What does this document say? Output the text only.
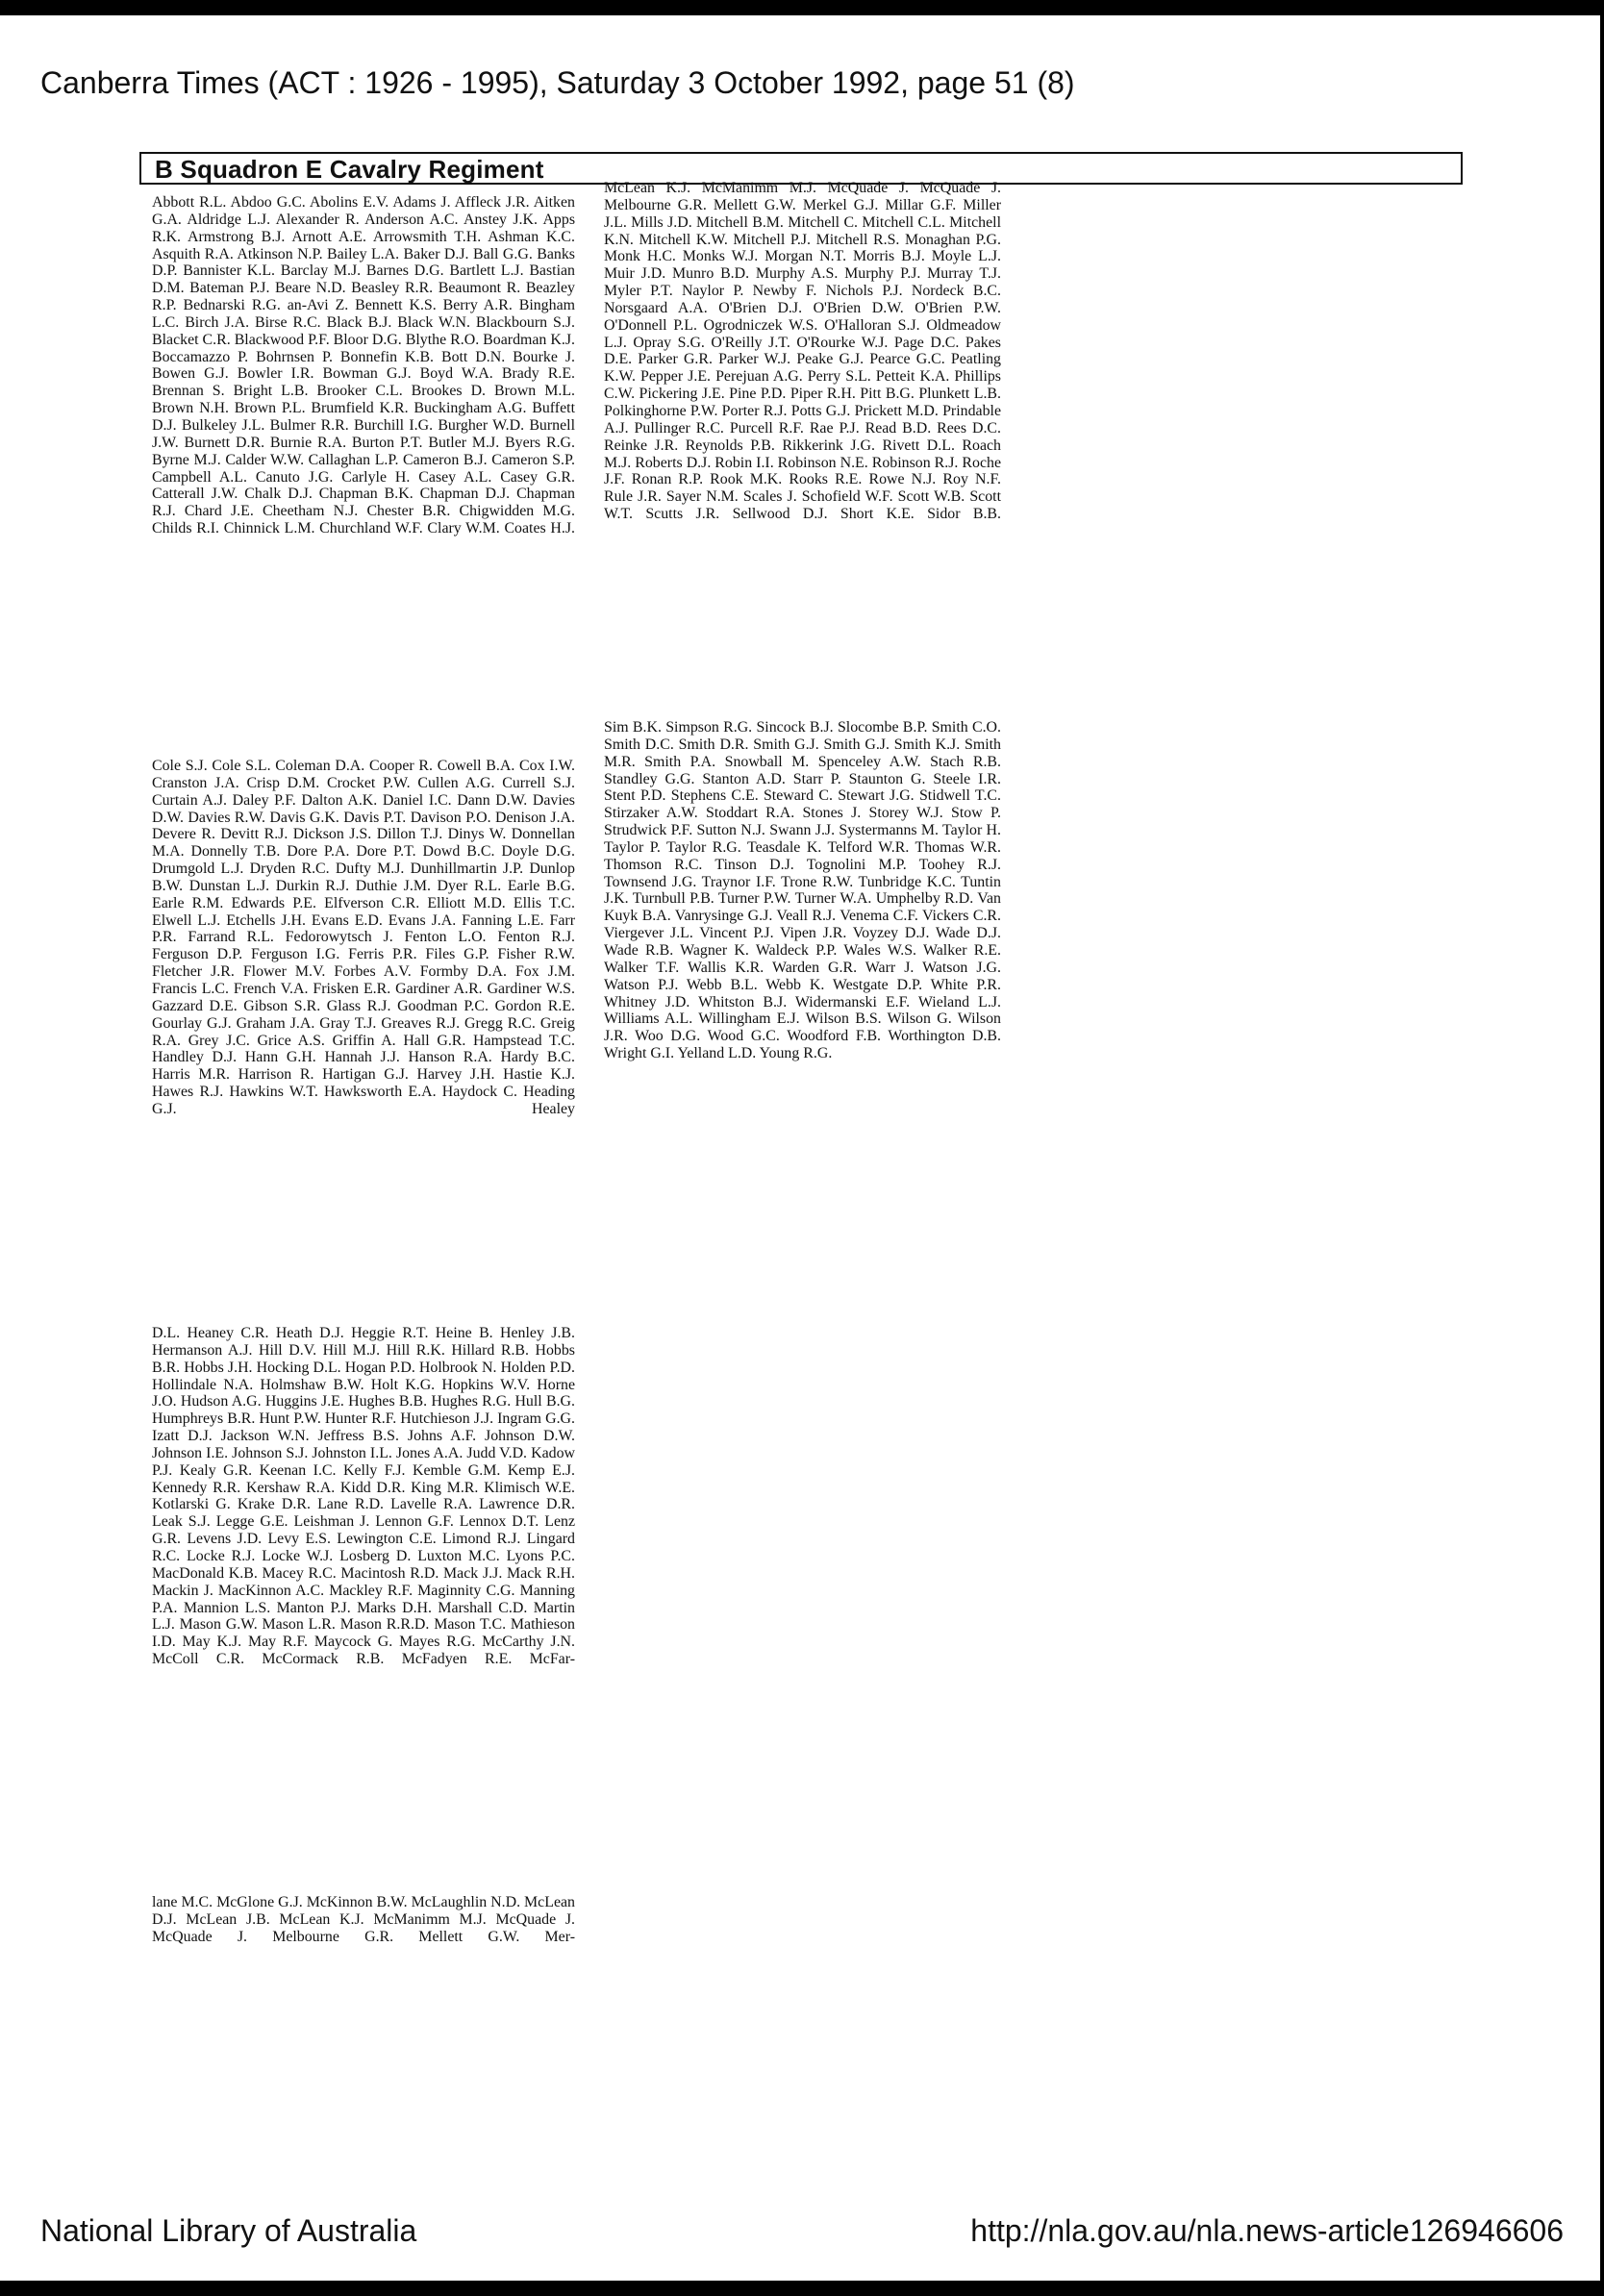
Canberra Times (ACT : 1926 - 1995), Saturday 3 October 1992, page 51 (8)
B Squadron E Cavalry Regiment

Abbott R.L. Abdoo G.C. Abolins E.V. Adams J. Affleck J.R. Aitken G.A. Aldridge L.J. Alexander R. Anderson A.C. Anstey J.K. Apps R.K. Armstrong B.J. Arnott A.E. Arrowsmith T.H. Ashman K.C. Asquith R.A. Atkinson N.P. Bailey L.A. Baker D.J. Ball G.G. Banks D.P. Bannister K.L. Barclay M.J. Barnes D.G. Bartlett L.J. Bastian D.M. Bateman P.J. Beare N.D. Beasley R.R. Beaumont R. Beazley R.P. Bednarski R.G. an-Avi Z. Bennett K.S. Berry A.R. Bingham L.C. Birch J.A. Birse R.C. Black B.J. Black W.N. Blackbourn S.J. Blacket C.R. Blackwood P.F. Bloor D.G. Blythe R.O. Boardman K.J. Boccamazzo P. Bohrnsen P. Bonnefin K.B. Bott D.N. Bourke J. Bowen G.J. Bowler I.R. Bowman G.J. Boyd W.A. Brady R.E. Brennan S. Bright L.B. Brooker C.L. Brookes D. Brown M.L. Brown N.H. Brown P.L. Brumfield K.R. Buckingham A.G. Buffett D.J. Bulkeley J.L. Bulmer R.R. Burchill I.G. Burgher W.D. Burnell J.W. Burnett D.R. Burnie R.A. Burton P.T. Butler M.J. Byers R.G. Byrne M.J. Calder W.W. Callaghan L.P. Cameron B.J. Cameron S.P. Campbell A.L. Canuto J.G. Carlyle H. Casey A.L. Casey G.R. Catterall J.W. Chalk D.J. Chapman B.K. Chapman D.J. Chapman R.J. Chard J.E. Cheetham N.J. Chester B.R. Chigwidden M.G. Childs R.I. Chinnick L.M. Churchland W.F. Clary W.M. Coates H.J.

Cole S.J. Cole S.L. Coleman D.A. Cooper R. Cowell B.A. Cox I.W. Cranston J.A. Crisp D.M. Crocket P.W. Cullen A.G. Currell S.J. Curtain A.J. Daley P.F. Dalton A.K. Daniel I.C. Dann D.W. Davies D.W. Davies R.W. Davis G.K. Davis P.T. Davison P.O. Denison J.A. Devere R. Devitt R.J. Dickson J.S. Dillon T.J. Dinys W. Donnellan M.A. Donnelly T.B. Dore P.A. Dore P.T. Dowd B.C. Doyle D.G. Drumgold L.J. Dryden R.C. Dufty M.J. Dunhillmartin J.P. Dunlop B.W. Dunstan L.J. Durkin R.J. Duthie J.M. Dyer R.L. Earle B.G. Earle R.M. Edwards P.E. Elfverson C.R. Elliott M.D. Ellis T.C. Elwell L.J. Etchells J.H. Evans E.D. Evans J.A. Fanning L.E. Farr P.R. Farrand R.L. Fedorowytsch J. Fenton L.O. Fenton R.J. Ferguson D.P. Ferguson I.G. Ferris P.R. Files G.P. Fisher R.W. Fletcher J.R. Flower M.V. Forbes A.V. Formby D.A. Fox J.M. Francis L.C. French V.A. Frisken E.R. Gardiner A.R. Gardiner W.S. Gazzard D.E. Gibson S.R. Glass R.J. Goodman P.C. Gordon R.E. Gourlay G.J. Graham J.A. Gray T.J. Greaves R.J. Gregg R.C. Greig R.A. Grey J.C. Grice A.S. Griffin A. Hall G.R. Hampstead T.C. Handley D.J. Hann G.H. Hannah J.J. Hanson R.A. Hardy B.C. Harris M.R. Harrison R. Hartigan G.J. Harvey J.H. Hastie K.J. Hawes R.J. Hawkins W.T. Hawksworth E.A. Haydock C. Heading G.J. Healey

D.L. Heaney C.R. Heath D.J. Heggie R.T. Heine B. Henley J.B. Hermanson A.J. Hill D.V. Hill M.J. Hill R.K. Hillard R.B. Hobbs B.R. Hobbs J.H. Hocking D.L. Hogan P.D. Holbrook N. Holden P.D. Hollindale N.A. Holmshaw B.W. Holt K.G. Hopkins W.V. Horne J.O. Hudson A.G. Huggins J.E. Hughes B.B. Hughes R.G. Hull B.G. Humphreys B.R. Hunt P.W. Hunter R.F. Hutchieson J.J. Ingram G.G. Izatt D.J. Jackson W.N. Jeffress B.S. Johns A.F. Johnson D.W. Johnson I.E. Johnson S.J. Johnston I.L. Jones A.A. Judd V.D. Kadow P.J. Kealy G.R. Keenan I.C. Kelly F.J. Kemble G.M. Kemp E.J. Kennedy R.R. Kershaw R.A. Kidd D.R. King M.R. Klimisch W.E. Kotlarski G. Krake D.R. Lane R.D. Lavelle R.A. Lawrence D.R. Leak S.J. Legge G.E. Leishman J. Lennon G.F. Lennox D.T. Lenz G.R. Levens J.D. Levy E.S. Lewington C.E. Limond R.J. Lingard R.C. Locke R.J. Locke W.J. Losberg D. Luxton M.C. Lyons P.C. MacDonald K.B. Macey R.C. Macintosh R.D. Mack J.J. Mack R.H. Mackin J. MacKinnon A.C. Mackley R.F. Maginnity C.G. Manning P.A. Mannion L.S. Manton P.J. Marks D.H. Marshall C.D. Martin L.J. Mason G.W. Mason L.R. Mason R.R.D. Mason T.C. Mathieson I.D. May K.J. May R.F. Maycock G. Mayes R.G. McCarthy J.N. McColl C.R. McCormack R.B. McFadyen R.E. McFar-

lane M.C. McGlone G.J. McKinnon B.W. McLaughlin N.D. McLean D.J. McLean J.B. McLean K.J. McManimm M.J. McQuade J. McQuade J. Melbourne G.R. Mellett G.W. Mer-

McLean K.J. McManimm M.J. McQuade J. McQuade J. Melbourne G.R. Mellett G.W. Merkel G.J. Millar G.F. Miller J.L. Mills J.D. Mitchell B.M. Mitchell C. Mitchell C.L. Mitchell K.N. Mitchell K.W. Mitchell P.J. Mitchell R.S. Monaghan P.G. Monk H.C. Monks W.J. Morgan N.T. Morris B.J. Moyle L.J. Muir J.D. Munro B.D. Murphy A.S. Murphy P.J. Murray T.J. Myler P.T. Naylor P. Newby F. Nichols P.J. Nordeck B.C. Norsgaard A.A. O'Brien D.J. O'Brien D.W. O'Brien P.W. O'Donnell P.L. Ogrodniczek W.S. O'Halloran S.J. Oldmeadow L.J. Opray S.G. O'Reilly J.T. O'Rourke W.J. Page D.C. Pakes D.E. Parker G.R. Parker W.J. Peake G.J. Pearce G.C. Peatling K.W. Pepper J.E. Perejuan A.G. Perry S.L. Petteit K.A. Phillips C.W. Pickering J.E. Pine P.D. Piper R.H. Pitt B.G. Plunkett L.B. Polkinghorne P.W. Porter R.J. Potts G.J. Prickett M.D. Prindable A.J. Pullinger R.C. Purcell R.F. Rae P.J. Read B.D. Rees D.C. Reinke J.R. Reynolds P.B. Rikkerink J.G. Rivett D.L. Roach M.J. Roberts D.J. Robin I.I. Robinson N.E. Robinson R.J. Roche J.F. Ronan R.P. Rook M.K. Rooks R.E. Rowe N.J. Roy N.F. Rule J.R. Sayer N.M. Scales J. Schofield W.F. Scott W.B. Scott W.T. Scutts J.R. Sellwood D.J. Short K.E. Sidor B.B.

Sim B.K. Simpson R.G. Sincock B.J. Slocombe B.P. Smith C.O. Smith D.C. Smith D.R. Smith G.J. Smith G.J. Smith K.J. Smith M.R. Smith P.A. Snowball M. Spenceley A.W. Stach R.B. Standley G.G. Stanton A.D. Starr P. Staunton G. Steele I.R. Stent P.D. Stephens C.E. Steward C. Stewart J.G. Stidwell T.C. Stirzaker A.W. Stoddart R.A. Stones J. Storey W.J. Stow P. Strudwick P.F. Sutton N.J. Swann J.J. Systermanns M. Taylor H. Taylor P. Taylor R.G. Teasdale K. Telford W.R. Thomas W.R. Thomson R.C. Tinson D.J. Tognolini M.P. Toohey R.J. Townsend J.G. Traynor I.F. Trone R.W. Tunbridge K.C. Tuntin J.K. Turnbull P.B. Turner P.W. Turner W.A. Umphelby R.D. Van Kuyk B.A. Vanrysinge G.J. Veall R.J. Venema C.F. Vickers C.R. Viergever J.L. Vincent P.J. Vipen J.R. Voyzey D.J. Wade D.J. Wade R.B. Wagner K. Waldeck P.P. Wales W.S. Walker R.E. Walker T.F. Wallis K.R. Warden G.R. Warr J. Watson J.G. Watson P.J. Webb B.L. Webb K. Westgate D.P. White P.R. Whitney J.D. Whitston B.J. Widermanski E.F. Wieland L.J. Williams A.L. Willingham E.J. Wilson B.S. Wilson G. Wilson J.R. Woo D.G. Wood G.C. Woodford F.B. Worthington D.B. Wright G.I. Yelland L.D. Young R.G.

National Library of Australia	http://nla.gov.au/nla.news-article126946606
